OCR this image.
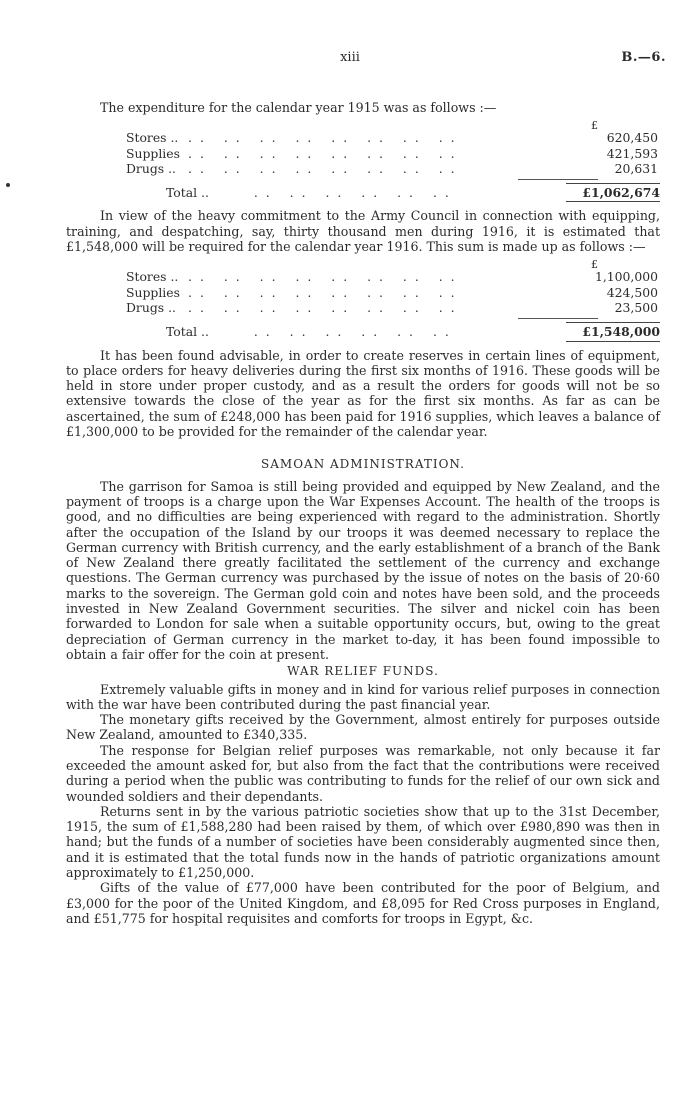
xiii	B.—6.

The expenditure for the calendar year 1915 was as follows :—

£
Stores .. .. .. .. .. .. .. .. ..	620,450
Supplies .. .. .. .. .. .. .. ..	421,593
Drugs .. .. .. .. .. .. .. .. ..	20,631
Total ..	.. .. .. .. .. ..	£1,062,674

In view of the heavy commitment to the Army Council in connection with equipping, training, and despatching, say, thirty thousand men during 1916, it is estimated that £1,548,000 will be required for the calendar year 1916. This sum is made up as follows :—

£
Stores .. .. .. .. .. .. .. .. ..	1,100,000
Supplies .. .. .. .. .. .. .. ..	424,500
Drugs .. .. .. .. .. .. .. .. ..	23,500
Total ..	.. .. .. .. .. ..	£1,548,000

It has been found advisable, in order to create reserves in certain lines of equipment, to place orders for heavy deliveries during the first six months of 1916. These goods will be held in store under proper custody, and as a result the orders for goods will not be so extensive towards the close of the year as for the first six months. As far as can be ascertained, the sum of £248,000 has been paid for 1916 supplies, which leaves a balance of £1,300,000 to be provided for the remainder of the calendar year.

SAMOAN ADMINISTRATION.

The garrison for Samoa is still being provided and equipped by New Zealand, and the payment of troops is a charge upon the War Expenses Account. The health of the troops is good, and no difficulties are being experienced with regard to the administration. Shortly after the occupation of the Island by our troops it was deemed necessary to replace the German currency with British currency, and the early establishment of a branch of the Bank of New Zealand there greatly facilitated the settlement of the currency and exchange questions. The German currency was purchased by the issue of notes on the basis of 20·60 marks to the sovereign. The German gold coin and notes have been sold, and the proceeds invested in New Zealand Government securities. The silver and nickel coin has been forwarded to London for sale when a suitable opportunity occurs, but, owing to the great depreciation of German currency in the market to-day, it has been found impossible to obtain a fair offer for the coin at present.

WAR RELIEF FUNDS.

Extremely valuable gifts in money and in kind for various relief purposes in connection with the war have been contributed during the past financial year.

The monetary gifts received by the Government, almost entirely for purposes outside New Zealand, amounted to £340,335.

The response for Belgian relief purposes was remarkable, not only because it far exceeded the amount asked for, but also from the fact that the contributions were received during a period when the public was contributing to funds for the relief of our own sick and wounded soldiers and their dependants.

Returns sent in by the various patriotic societies show that up to the 31st December, 1915, the sum of £1,588,280 had been raised by them, of which over £980,890 was then in hand; but the funds of a number of societies have been considerably augmented since then, and it is estimated that the total funds now in the hands of patriotic organizations amount approximately to £1,250,000.

Gifts of the value of £77,000 have been contributed for the poor of Belgium, and £3,000 for the poor of the United Kingdom, and £8,095 for Red Cross purposes in England, and £51,775 for hospital requisites and comforts for troops in Egypt, &c.
